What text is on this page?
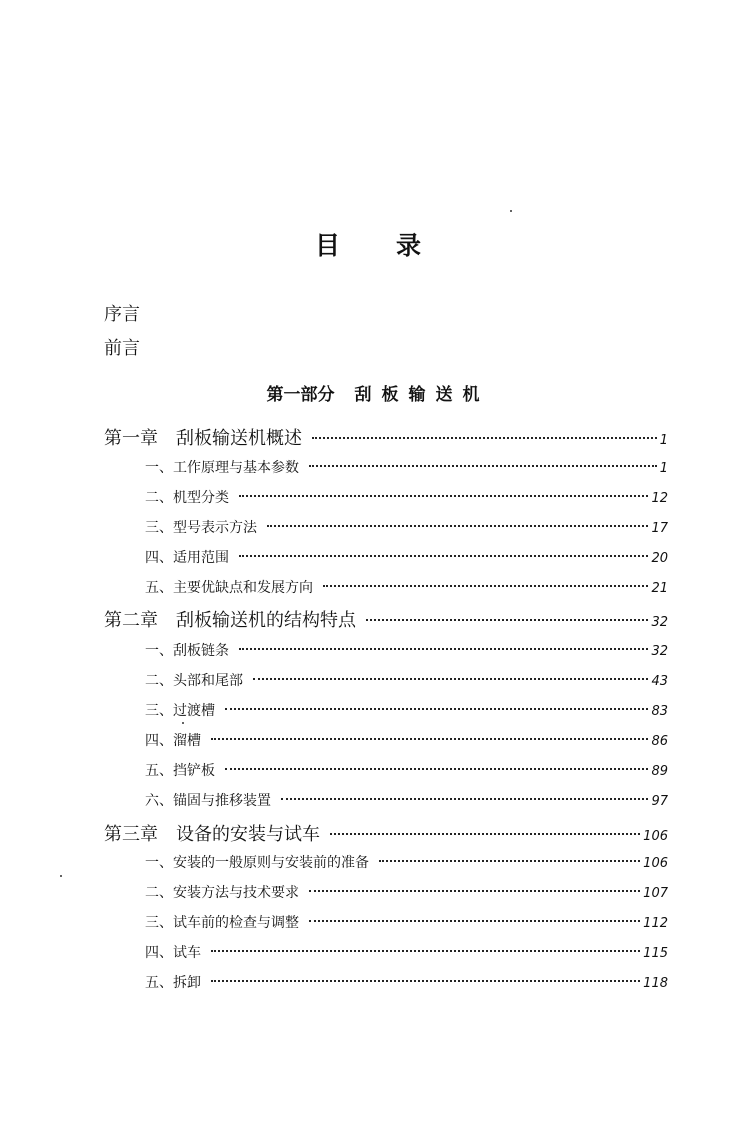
目 录
序言
前言
第一部分 刮板输送机
第一章 刮板输送机概述	1
一、工作原理与基本参数	1
二、机型分类	12
三、型号表示方法	17
四、适用范围	20
五、主要优缺点和发展方向	21
第二章 刮板输送机的结构特点	32
一、刮板链条	32
二、头部和尾部	43
三、过渡槽	83
四、溜槽	86
五、挡铲板	89
六、锚固与推移装置	97
第三章 设备的安装与试车	106
一、安装的一般原则与安装前的准备	106
二、安装方法与技术要求	107
三、试车前的检查与调整	112
四、试车	115
五、拆卸	118
